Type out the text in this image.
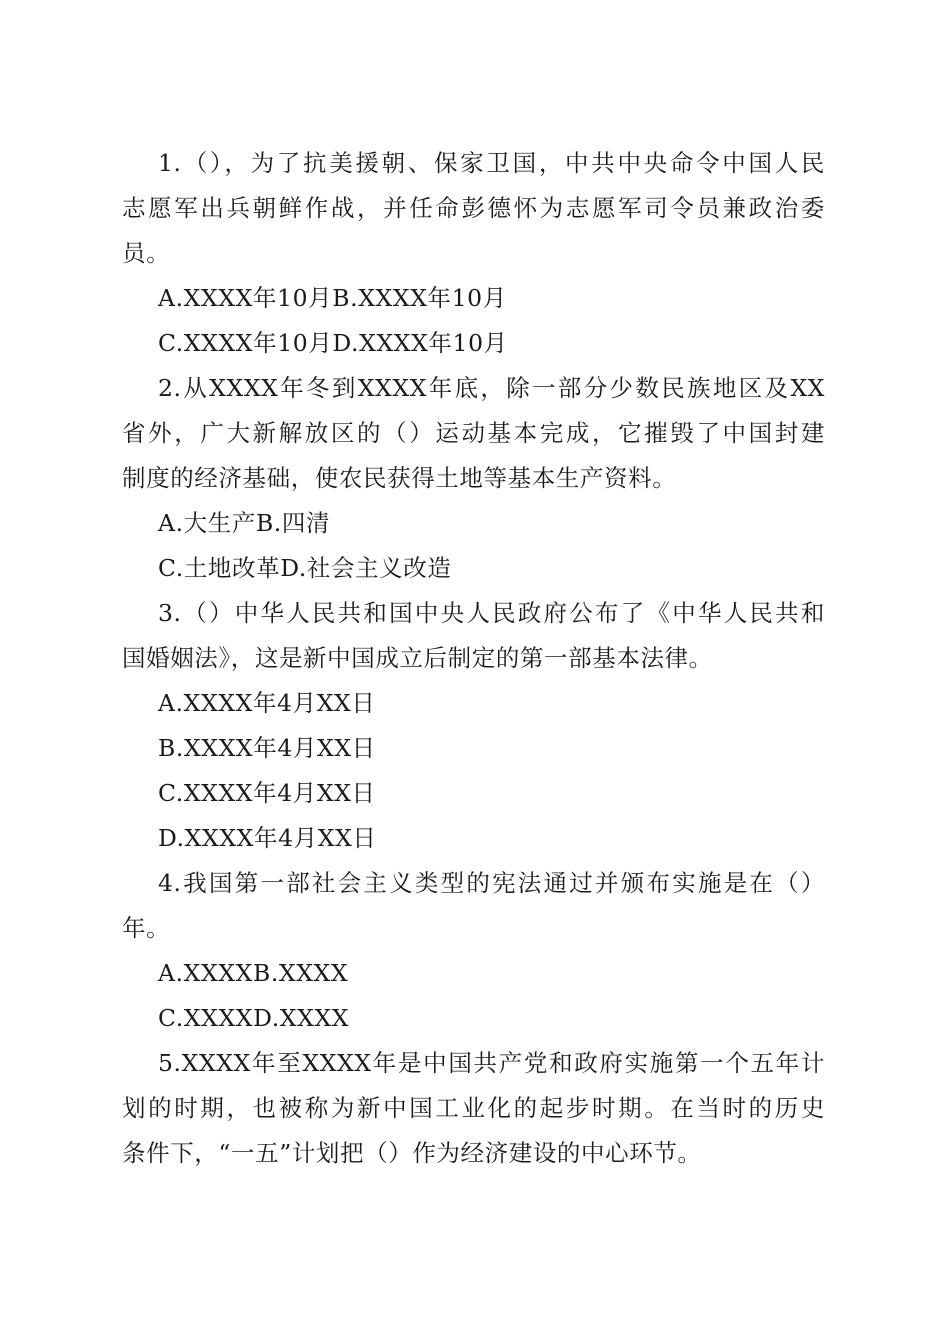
1.（），为了抗美援朝、保家卫国，中共中央命令中国人民
志愿军出兵朝鲜作战，并任命彭德怀为志愿军司令员兼政治委
员。
A.XXXX年10月B.XXXX年10月
C.XXXX年10月D.XXXX年10月
2.从XXXX年冬到XXXX年底，除一部分少数民族地区及XX
省外，广大新解放区的（）运动基本完成，它摧毁了中国封建
制度的经济基础，使农民获得土地等基本生产资料。
A.大生产B.四清
C.土地改革D.社会主义改造
3.（）中华人民共和国中央人民政府公布了《中华人民共和
国婚姻法》，这是新中国成立后制定的第一部基本法律。
A.XXXX年4月XX日
B.XXXX年4月XX日
C.XXXX年4月XX日
D.XXXX年4月XX日
4.我国第一部社会主义类型的宪法通过并颁布实施是在（）
年。
A.XXXXB.XXXX
C.XXXXD.XXXX
5.XXXX年至XXXX年是中国共产党和政府实施第一个五年计
划的时期，也被称为新中国工业化的起步时期。在当时的历史
条件下，“一五”计划把（）作为经济建设的中心环节。
